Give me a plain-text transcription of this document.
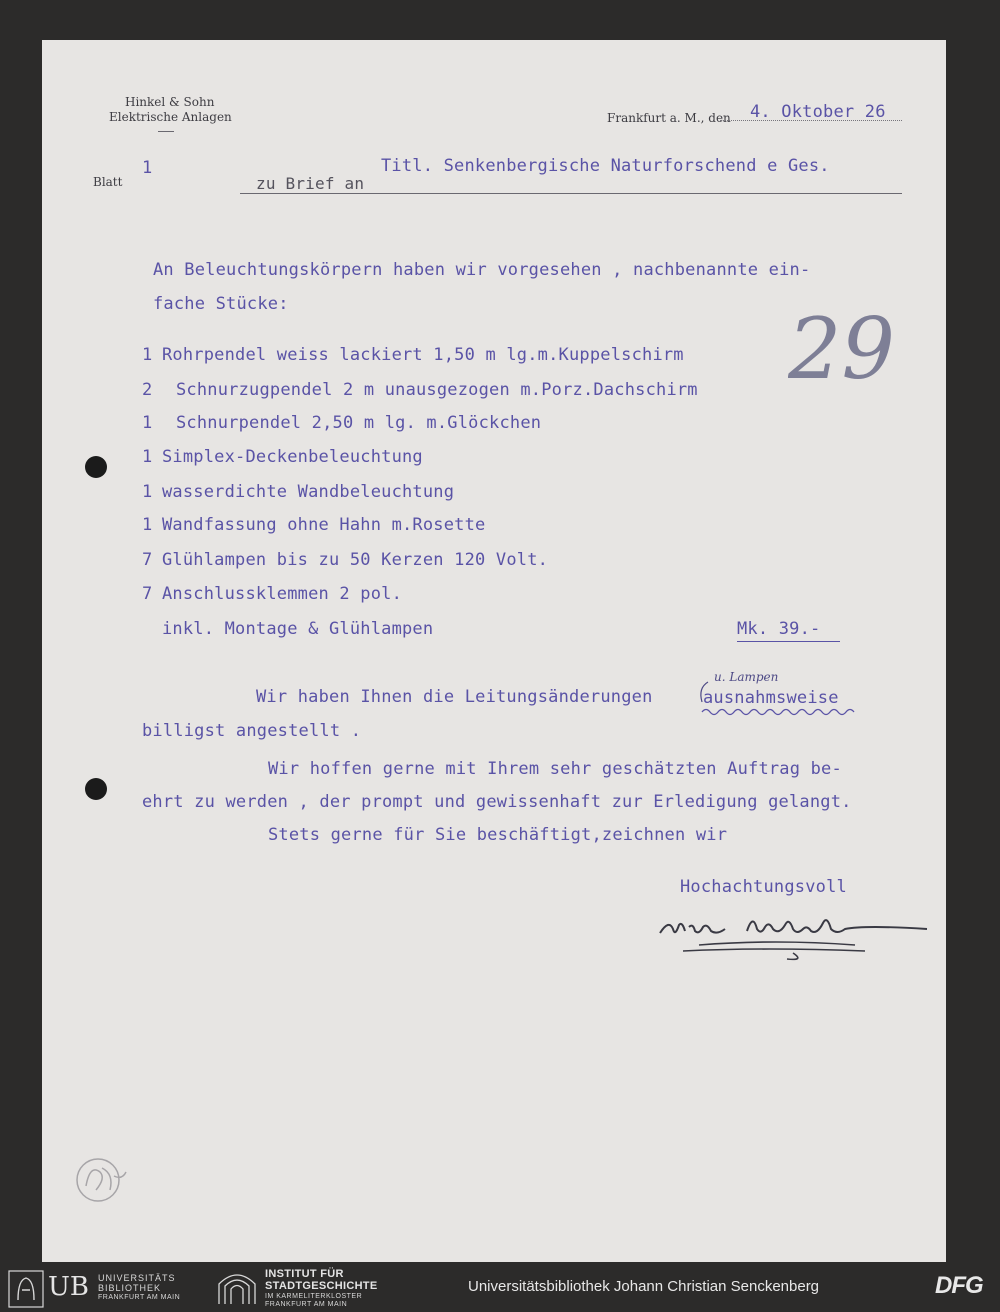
Hinkel & Sohn
Elektrische Anlagen	Frankfurt a. M., den 4. Oktober 26
Blatt
1
zu Brief an
Titl. Senkenbergische Naturforschend e Ges.
29
An Beleuchtungskörpern haben wir vorgesehen , nachbenannte ein-
fache Stücke:
1 Rohrpendel weiss lackiert 1,50 m lg.m.Kuppelschirm
2 Schnurzugpendel 2 m unausgezogen m.Porz.Dachschirm
1 Schnurpendel 2,50 m lg. m.Glöckchen
1 Simplex-Deckenbeleuchtung
1 wasserdichte Wandbeleuchtung
1 Wandfassung ohne Hahn m.Rosette
7 Glühlampen bis zu 50 Kerzen 120 Volt.
7 Anschlussklemmen 2 pol.
inkl. Montage & Glühlampen	Mk. 39.-
Wir haben Ihnen die Leitungsänderungen	ausnahmsweise
u. Lampen
billigst angestellt .
Wir hoffen gerne mit Ihrem sehr geschätzten Auftrag be-
ehrt zu werden , der prompt und gewissenhaft zur Erledigung gelangt.
Stets gerne für Sie beschäftigt,zeichnen wir
Hochachtungsvoll
UB UNIVERSITÄTS
BIBLIOTHEK
FRANKFURT AM MAIN
INSTITUT FÜR
STADTGESCHICHTE
IM KARMELITERKLOSTER
FRANKFURT AM MAIN
Universitätsbibliothek Johann Christian Senckenberg	DFG
